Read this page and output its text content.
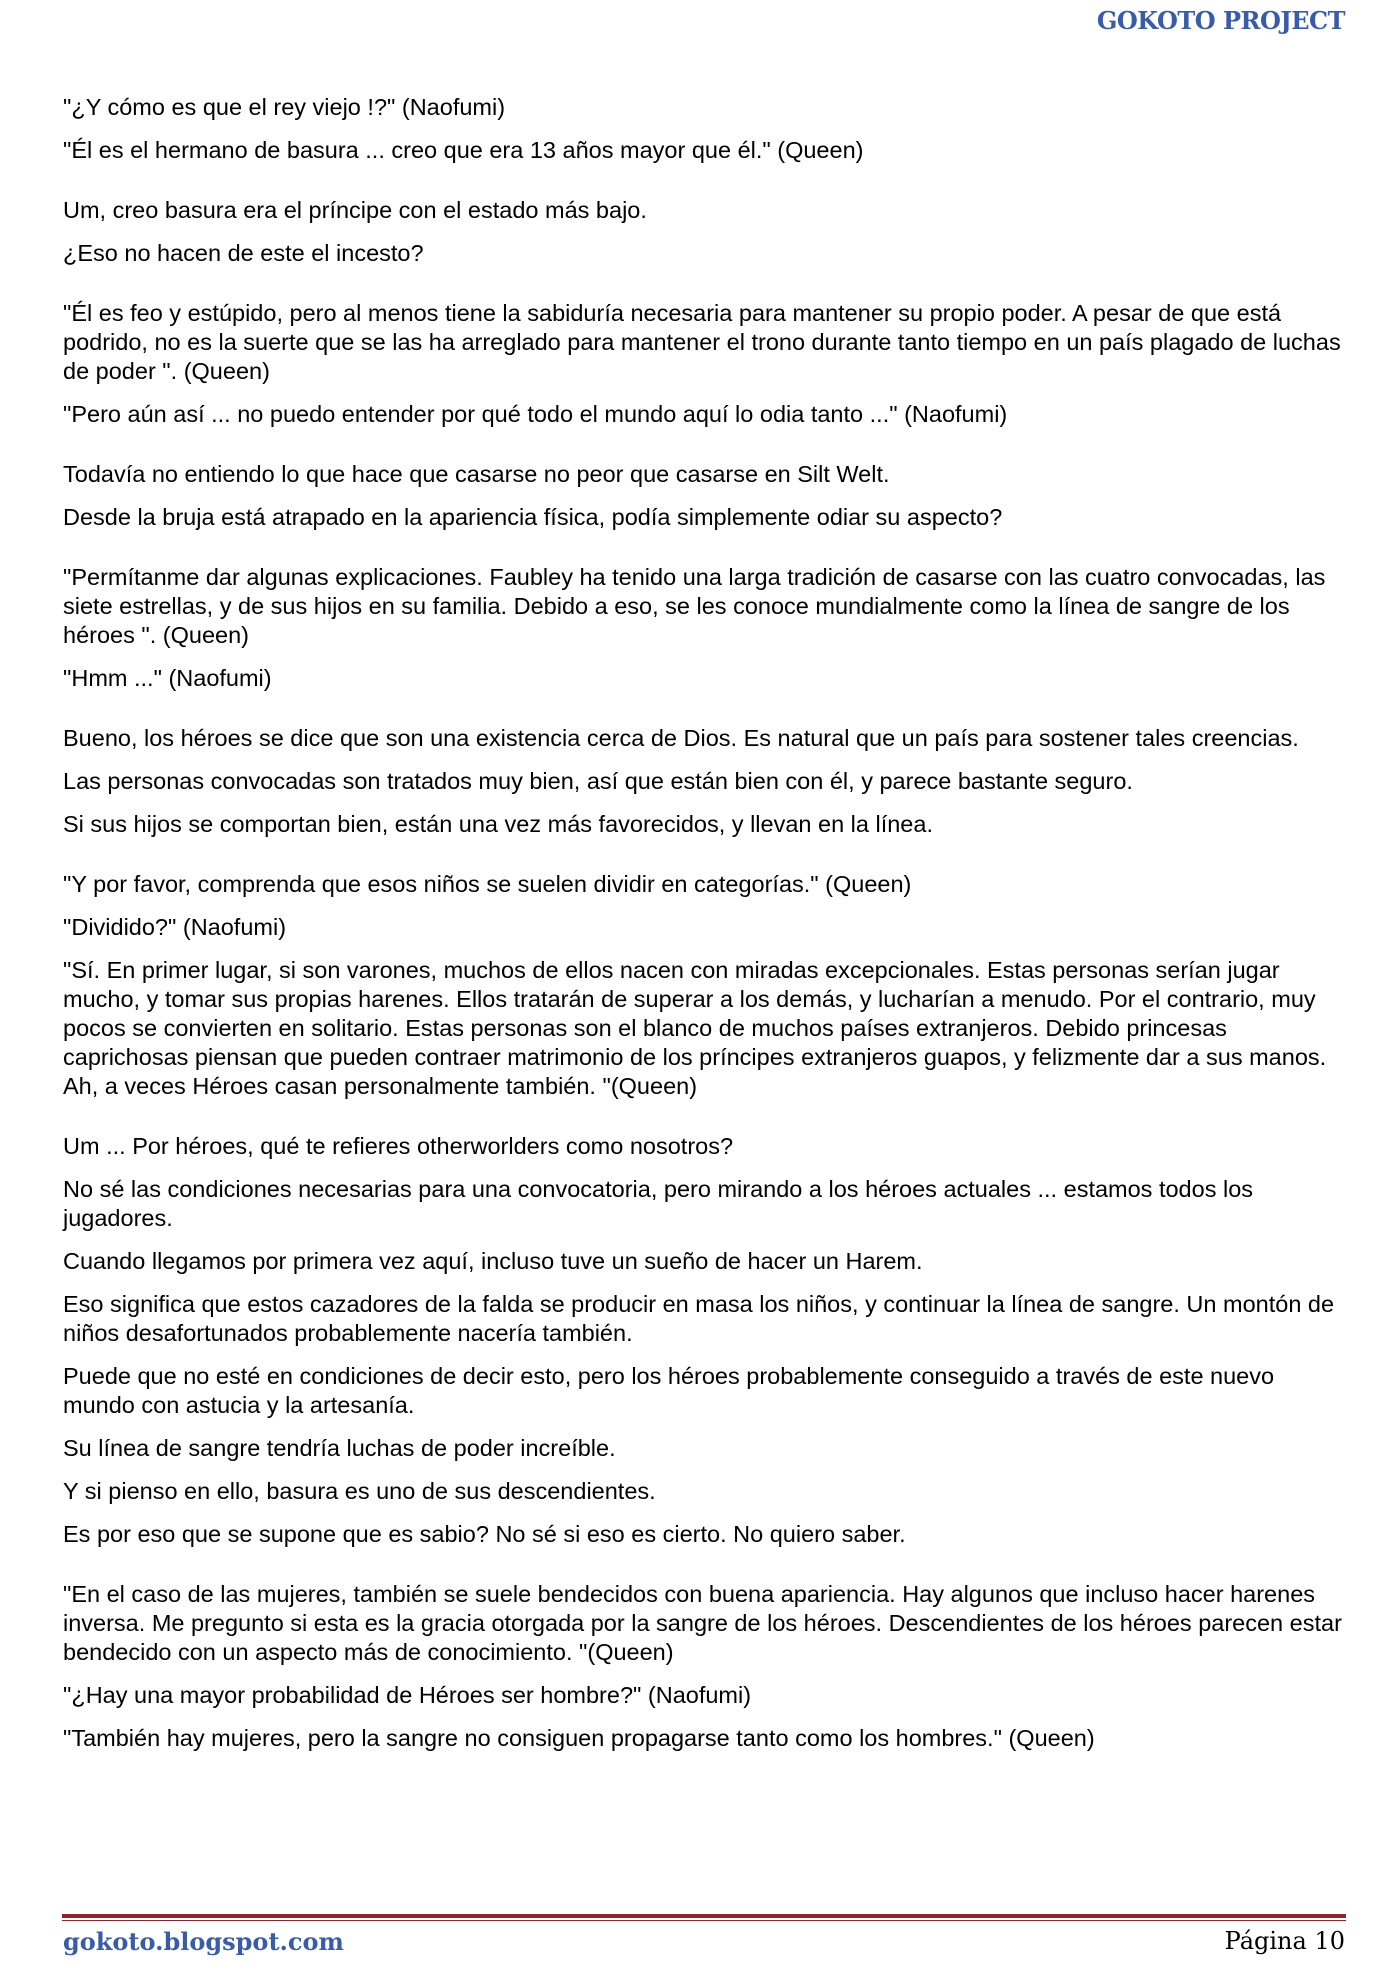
GOKOTO PROJECT

"¿Y cómo es que el rey viejo !?" (Naofumi)

"Él es el hermano de basura ... creo que era 13 años mayor que él." (Queen)

Um, creo basura era el príncipe con el estado más bajo.

¿Eso no hacen de este el incesto?

"Él es feo y estúpido, pero al menos tiene la sabiduría necesaria para mantener su propio poder. A pesar de que está podrido, no es la suerte que se las ha arreglado para mantener el trono durante tanto tiempo en un país plagado de luchas de poder ". (Queen)

"Pero aún así ... no puedo entender por qué todo el mundo aquí lo odia tanto ..." (Naofumi)

Todavía no entiendo lo que hace que casarse no peor que casarse en Silt Welt.

Desde la bruja está atrapado en la apariencia física, podía simplemente odiar su aspecto?

"Permítanme dar algunas explicaciones. Faubley ha tenido una larga tradición de casarse con las cuatro convocadas, las siete estrellas, y de sus hijos en su familia. Debido a eso, se les conoce mundialmente como la línea de sangre de los héroes ". (Queen)

"Hmm ..." (Naofumi)

Bueno, los héroes se dice que son una existencia cerca de Dios. Es natural que un país para sostener tales creencias.

Las personas convocadas son tratados muy bien, así que están bien con él, y parece bastante seguro.

Si sus hijos se comportan bien, están una vez más favorecidos, y llevan en la línea.

"Y por favor, comprenda que esos niños se suelen dividir en categorías." (Queen)

"Dividido?" (Naofumi)

"Sí. En primer lugar, si son varones, muchos de ellos nacen con miradas excepcionales. Estas personas serían jugar mucho, y tomar sus propias harenes. Ellos tratarán de superar a los demás, y lucharían a menudo. Por el contrario, muy pocos se convierten en solitario. Estas personas son el blanco de muchos países extranjeros. Debido princesas caprichosas piensan que pueden contraer matrimonio de los príncipes extranjeros guapos, y felizmente dar a sus manos. Ah, a veces Héroes casan personalmente también. "(Queen)

Um ... Por héroes, qué te refieres otherworlders como nosotros?

No sé las condiciones necesarias para una convocatoria, pero mirando a los héroes actuales ... estamos todos los jugadores.

Cuando llegamos por primera vez aquí, incluso tuve un sueño de hacer un Harem.

Eso significa que estos cazadores de la falda se producir en masa los niños, y continuar la línea de sangre. Un montón de niños desafortunados probablemente nacería también.

Puede que no esté en condiciones de decir esto, pero los héroes probablemente conseguido a través de este nuevo mundo con astucia y la artesanía.

Su línea de sangre tendría luchas de poder increíble.

Y si pienso en ello, basura es uno de sus descendientes.

Es por eso que se supone que es sabio? No sé si eso es cierto. No quiero saber.

"En el caso de las mujeres, también se suele bendecidos con buena apariencia. Hay algunos que incluso hacer harenes inversa. Me pregunto si esta es la gracia otorgada por la sangre de los héroes. Descendientes de los héroes parecen estar bendecido con un aspecto más de conocimiento. "(Queen)

"¿Hay una mayor probabilidad de Héroes ser hombre?" (Naofumi)

"También hay mujeres, pero la sangre no consiguen propagarse tanto como los hombres." (Queen)

gokoto.blogspot.com	Página 10
